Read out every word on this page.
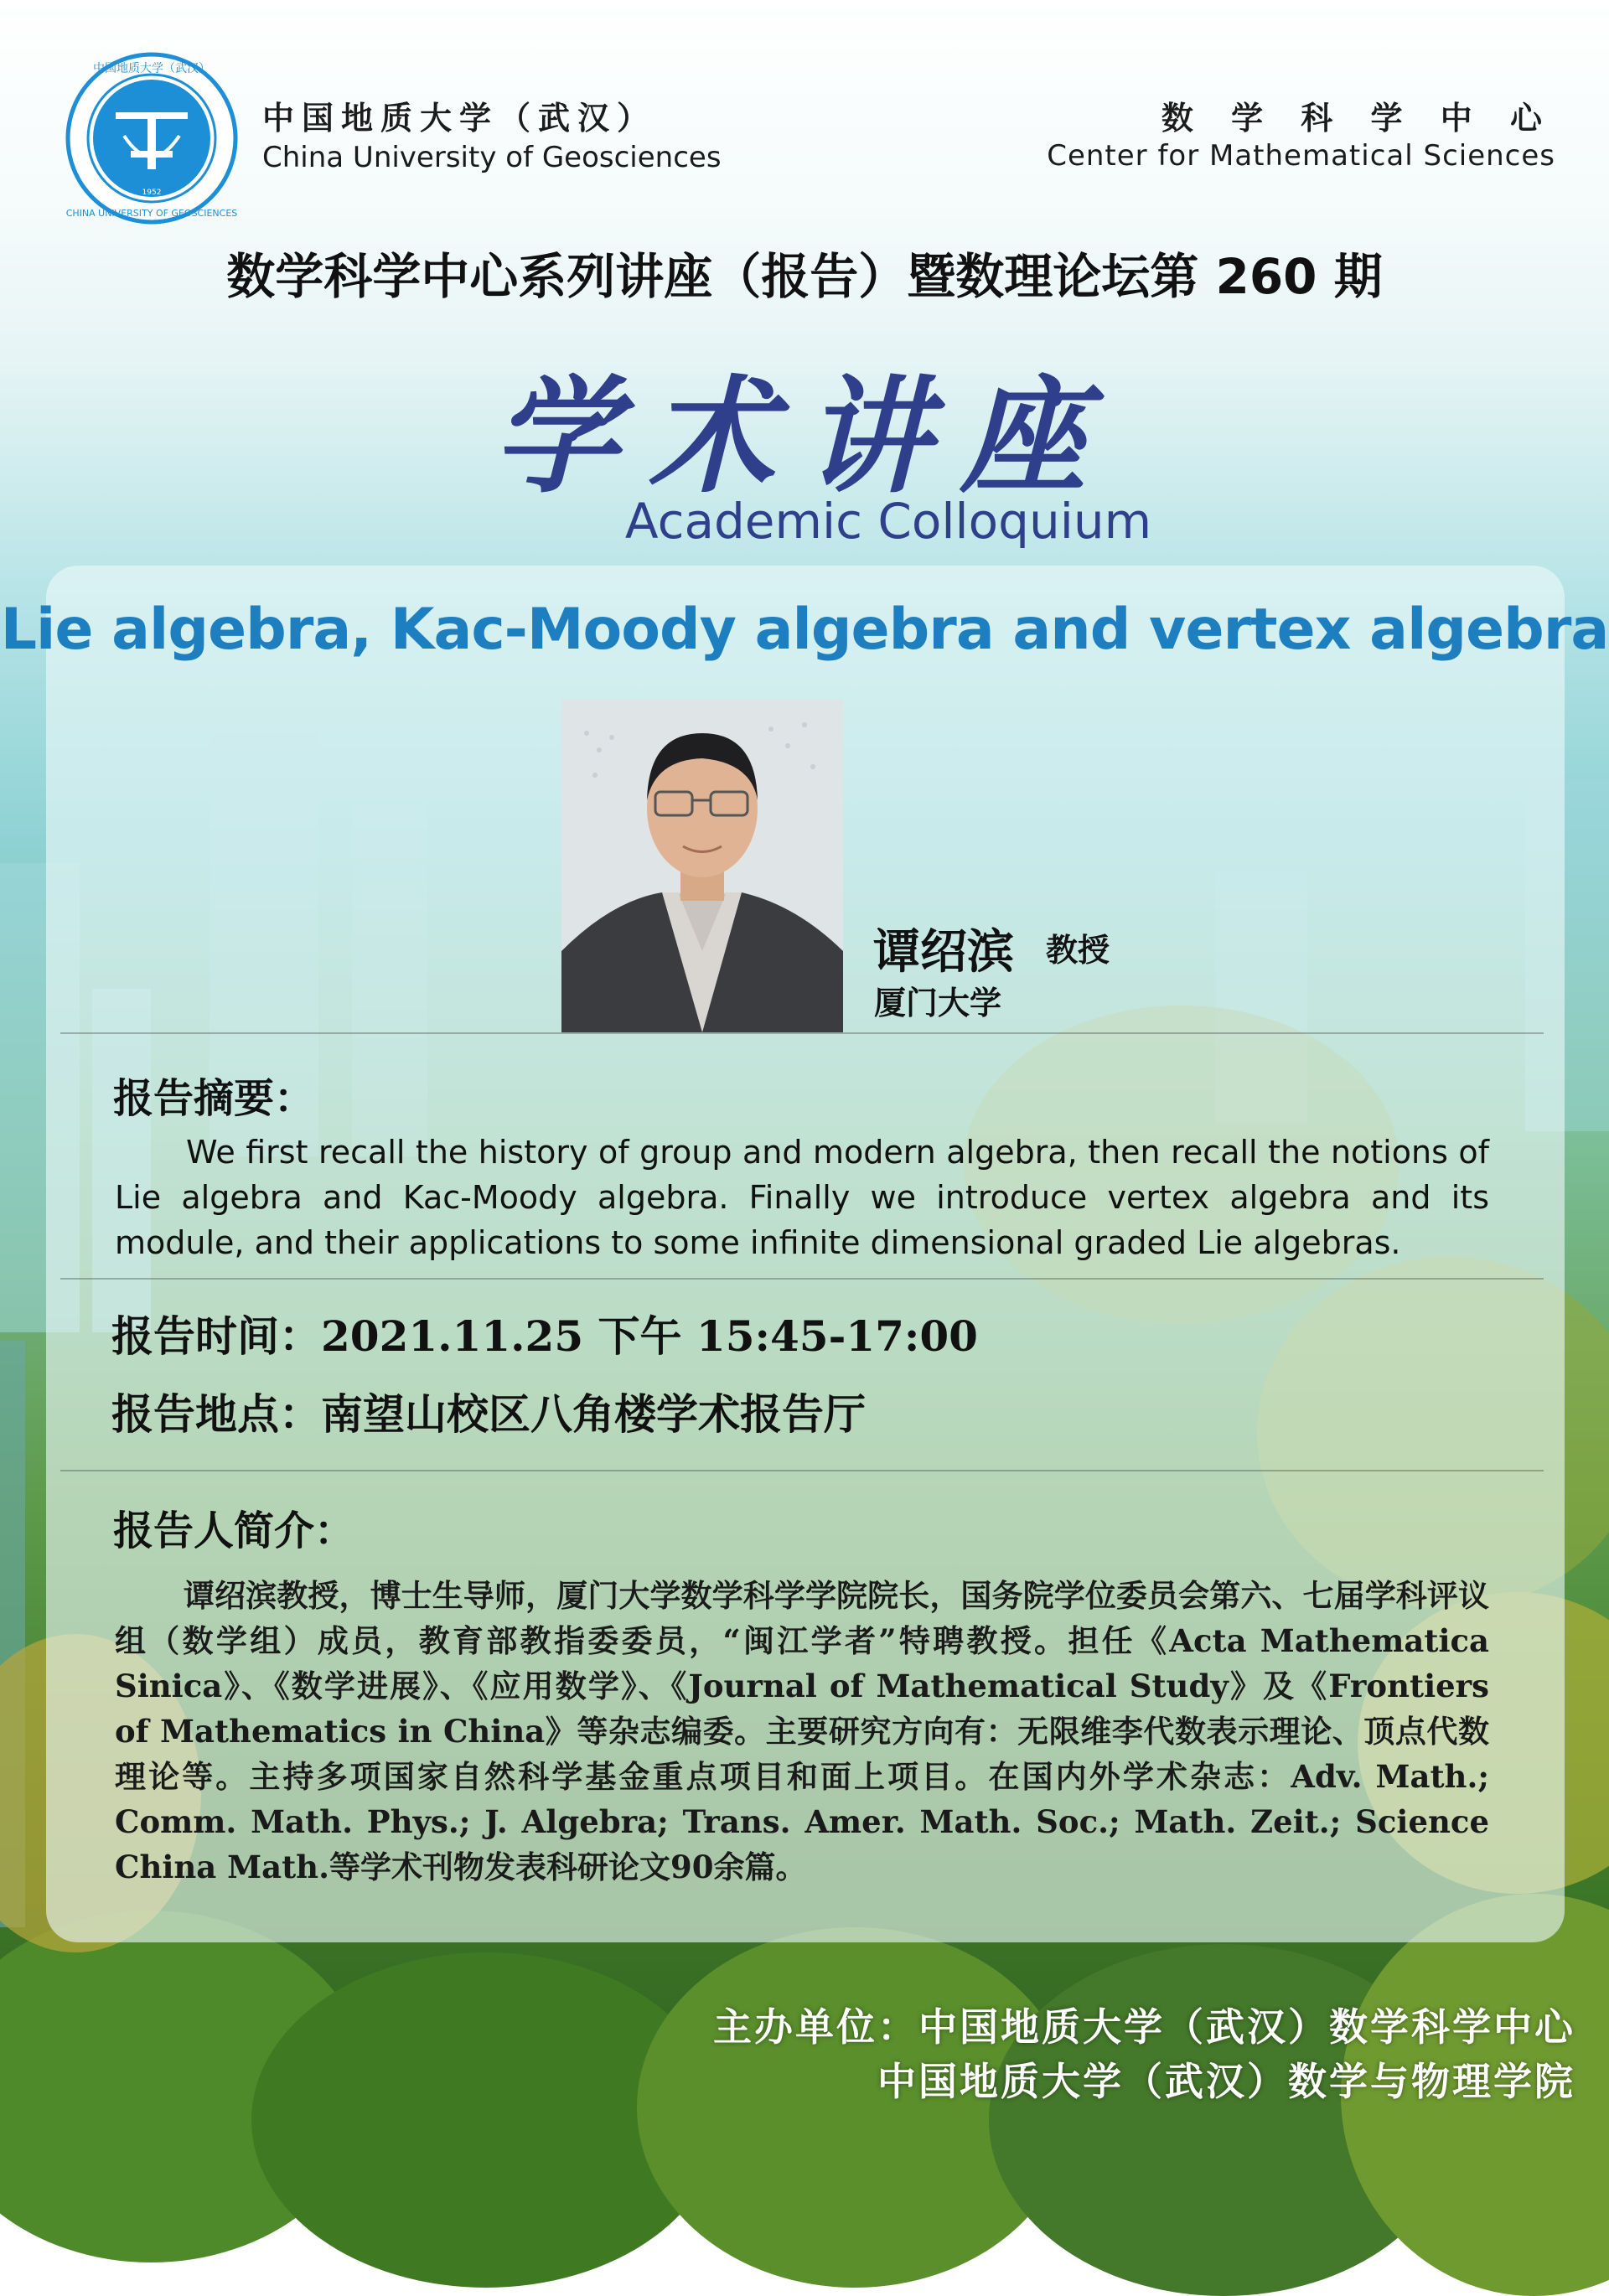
1952
中国地质大学（武汉）
CHINA UNIVERSITY OF GEOSCIENCES
中国地质大学（武汉）
China University of Geosciences
数 学 科 学 中 心
Center for Mathematical Sciences
数学科学中心系列讲座（报告）暨数理论坛第 260 期
学术讲座
Academic Colloquium
Lie algebra, Kac-Moody algebra and vertex algebra
谭绍滨 教授
厦门大学
报告摘要：
We first recall the history of group and modern algebra, then recall the notions of Lie algebra and Kac-Moody algebra. Finally we introduce vertex algebra and its module, and their applications to some infinite dimensional graded Lie algebras.
报告时间：2021.11.25 下午 15:45-17:00
报告地点：南望山校区八角楼学术报告厅
报告人简介：
谭绍滨教授，博士生导师，厦门大学数学科学学院院长，国务院学位委员会第六、七届学科评议组（数学组）成员，教育部教指委委员，“闽江学者”特聘教授。担任《Acta Mathematica Sinica》、《数学进展》、《应用数学》、《Journal of Mathematical Study》及《Frontiers of Mathematics in China》等杂志编委。主要研究方向有：无限维李代数表示理论、顶点代数理论等。主持多项国家自然科学基金重点项目和面上项目。在国内外学术杂志：Adv. Math.; Comm. Math. Phys.; J. Algebra; Trans. Amer. Math. Soc.; Math. Zeit.; Science China Math.等学术刊物发表科研论文90余篇。
主办单位：中国地质大学（武汉）数学科学中心
中国地质大学（武汉）数学与物理学院
